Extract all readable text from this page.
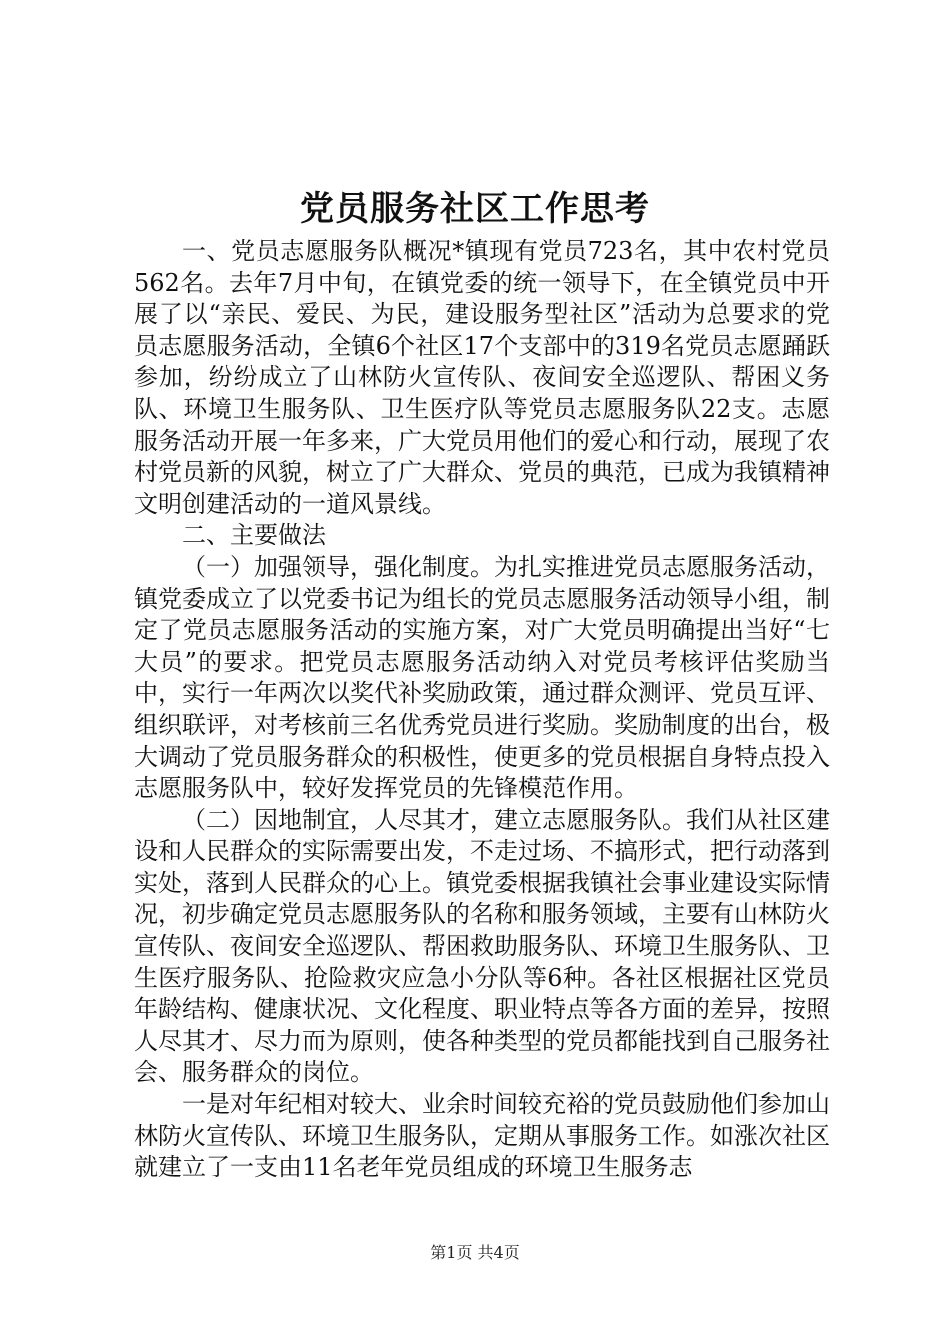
党员服务社区工作思考

一、党员志愿服务队概况*镇现有党员723名，其中农村党员562名。去年7月中旬，在镇党委的统一领导下，在全镇党员中开展了以“亲民、爱民、为民，建设服务型社区”活动为总要求的党员志愿服务活动，全镇6个社区17个支部中的319名党员志愿踊跃参加，纷纷成立了山林防火宣传队、夜间安全巡逻队、帮困义务队、环境卫生服务队、卫生医疗队等党员志愿服务队22支。志愿服务活动开展一年多来，广大党员用他们的爱心和行动，展现了农村党员新的风貌，树立了广大群众、党员的典范，已成为我镇精神文明创建活动的一道风景线。

二、主要做法

（一）加强领导，强化制度。为扎实推进党员志愿服务活动，镇党委成立了以党委书记为组长的党员志愿服务活动领导小组，制定了党员志愿服务活动的实施方案，对广大党员明确提出当好“七大员”的要求。把党员志愿服务活动纳入对党员考核评估奖励当中，实行一年两次以奖代补奖励政策，通过群众测评、党员互评、组织联评，对考核前三名优秀党员进行奖励。奖励制度的出台，极大调动了党员服务群众的积极性，使更多的党员根据自身特点投入志愿服务队中，较好发挥党员的先锋模范作用。

（二）因地制宜，人尽其才，建立志愿服务队。我们从社区建设和人民群众的实际需要出发，不走过场、不搞形式，把行动落到实处，落到人民群众的心上。镇党委根据我镇社会事业建设实际情况，初步确定党员志愿服务队的名称和服务领域，主要有山林防火宣传队、夜间安全巡逻队、帮困救助服务队、环境卫生服务队、卫生医疗服务队、抢险救灾应急小分队等6种。各社区根据社区党员年龄结构、健康状况、文化程度、职业特点等各方面的差异，按照人尽其才、尽力而为原则，使各种类型的党员都能找到自己服务社会、服务群众的岗位。

一是对年纪相对较大、业余时间较充裕的党员鼓励他们参加山林防火宣传队、环境卫生服务队，定期从事服务工作。如涨次社区就建立了一支由11名老年党员组成的环境卫生服务志

第1页 共4页
